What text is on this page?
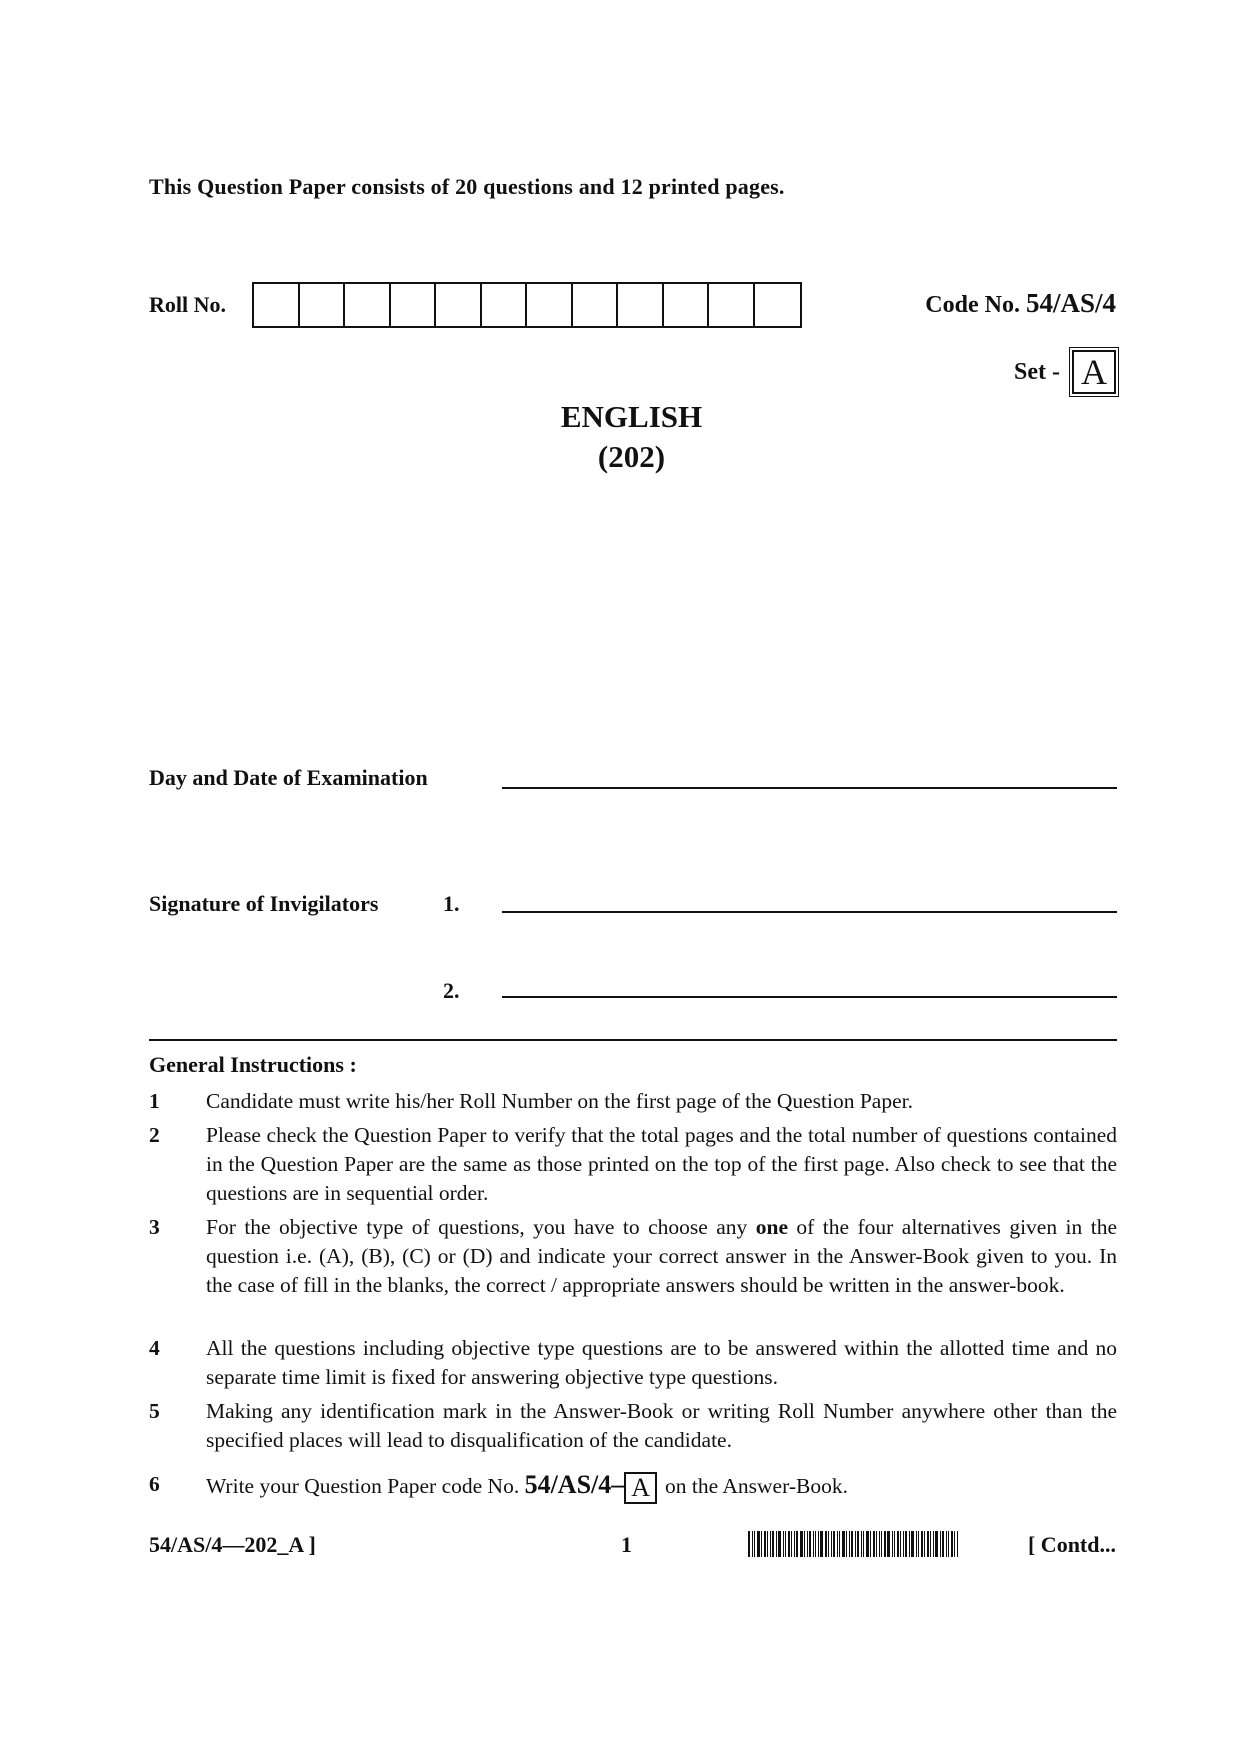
This Question Paper consists of 20 questions and 12 printed pages.
Roll No.	Code No. 54/AS/4
Set - A
ENGLISH
(202)
Day and Date of Examination
Signature of Invigilators	1.
2.
General Instructions :
1	Candidate must write his/her Roll Number on the first page of the Question Paper.
2	Please check the Question Paper to verify that the total pages and the total number of questions contained in the Question Paper are the same as those printed on the top of the first page. Also check to see that the questions are in sequential order.
3	For the objective type of questions, you have to choose any one of the four alternatives given in the question i.e. (A), (B), (C) or (D) and indicate your correct answer in the Answer-Book given to you. In the case of fill in the blanks, the correct / appropriate answers should be written in the answer-book.
4	All the questions including objective type questions are to be answered within the allotted time and no separate time limit is fixed for answering objective type questions.
5	Making any identification mark in the Answer-Book or writing Roll Number anywhere other than the specified places will lead to disqualification of the candidate.
6	Write your Question Paper code No. 54/AS/4– A on the Answer-Book.
54/AS/4—202_A ]	1	[ Contd...
